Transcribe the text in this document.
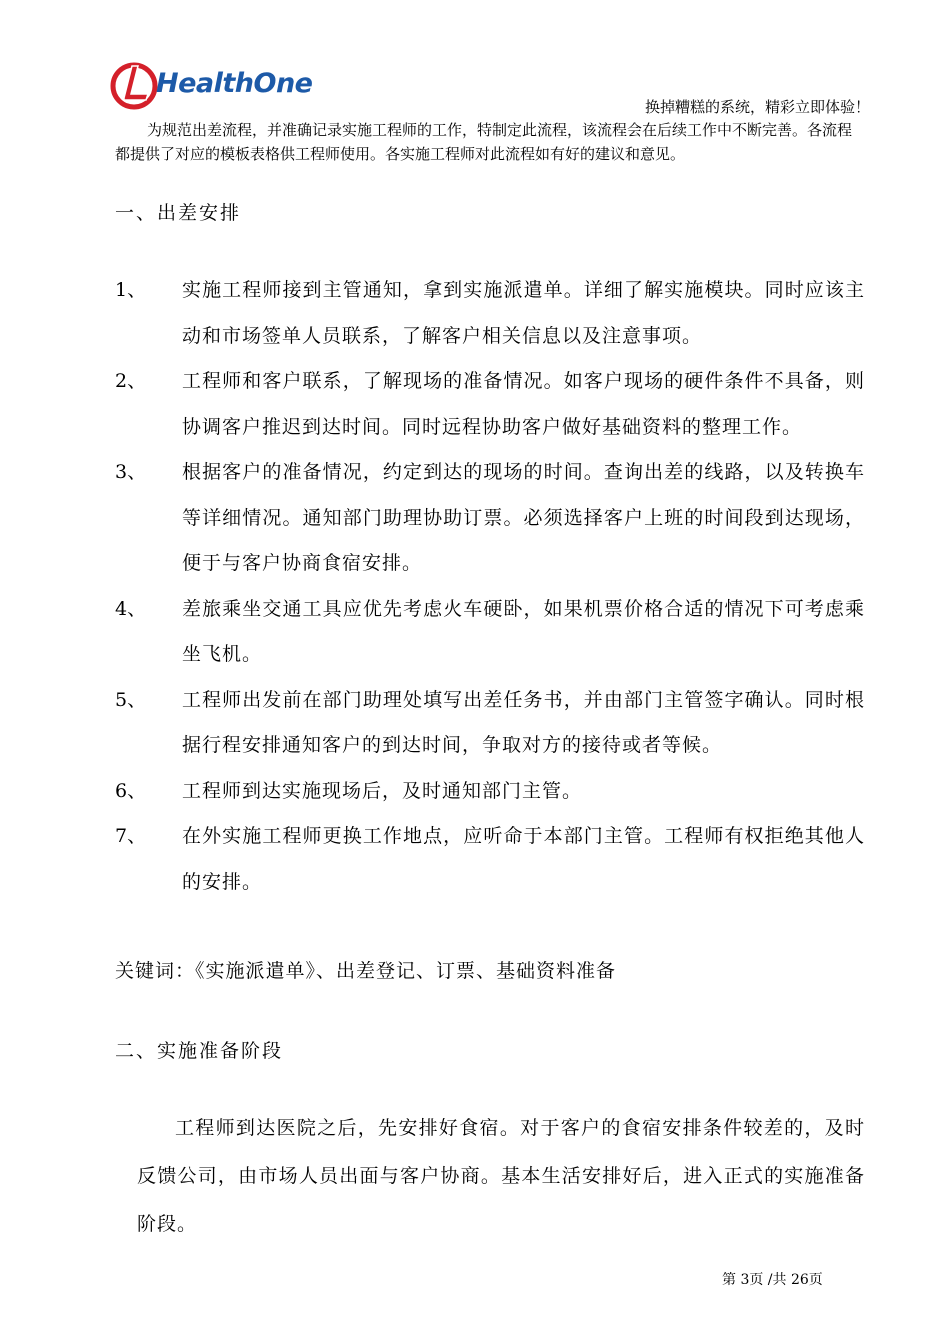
HealthOne
换掉糟糕的系统，精彩立即体验！

为规范出差流程，并准确记录实施工程师的工作，特制定此流程，该流程会在后续工作中不断完善。各流程都提供了对应的模板表格供工程师使用。各实施工程师对此流程如有好的建议和意见。

一、出差安排
1、	实施工程师接到主管通知，拿到实施派遣单。详细了解实施模块。同时应该主动和市场签单人员联系，了解客户相关信息以及注意事项。
2、	工程师和客户联系，了解现场的准备情况。如客户现场的硬件条件不具备，则协调客户推迟到达时间。同时远程协助客户做好基础资料的整理工作。
3、	根据客户的准备情况，约定到达的现场的时间。查询出差的线路，以及转换车等详细情况。通知部门助理协助订票。必须选择客户上班的时间段到达现场，便于与客户协商食宿安排。
4、	差旅乘坐交通工具应优先考虑火车硬卧，如果机票价格合适的情况下可考虑乘坐飞机。
5、	工程师出发前在部门助理处填写出差任务书，并由部门主管签字确认。同时根据行程安排通知客户的到达时间，争取对方的接待或者等候。
6、	工程师到达实施现场后，及时通知部门主管。
7、	在外实施工程师更换工作地点，应听命于本部门主管。工程师有权拒绝其他人的安排。

关键词：《实施派遣单》、出差登记、订票、基础资料准备

二、实施准备阶段

工程师到达医院之后，先安排好食宿。对于客户的食宿安排条件较差的，及时反馈公司，由市场人员出面与客户协商。基本生活安排好后，进入正式的实施准备阶段。

第 3页 /共 26页
